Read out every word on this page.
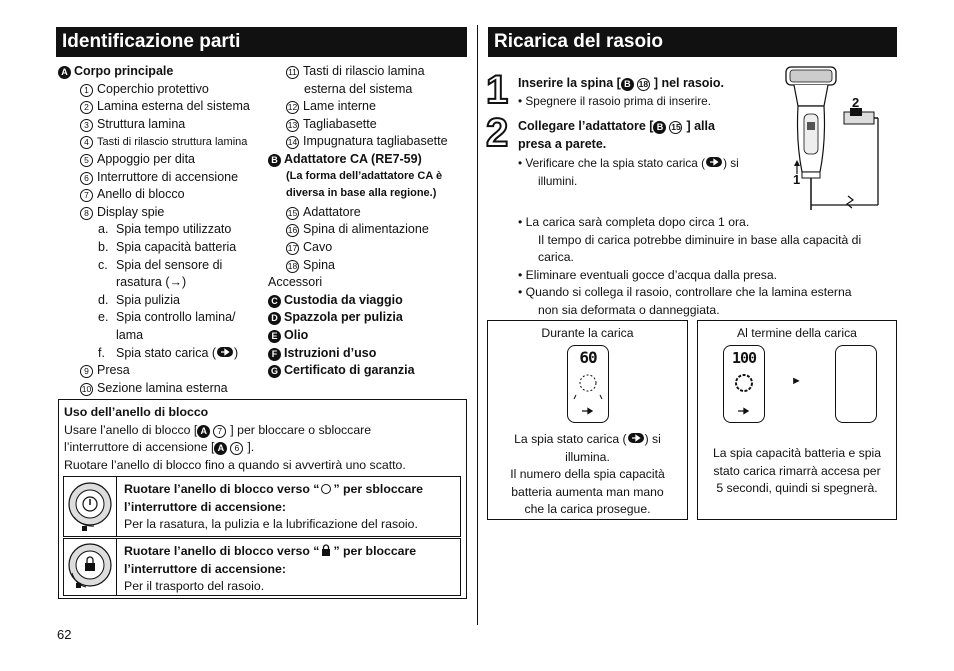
Identificazione parti
A Corpo principale
1 Coperchio protettivo
2 Lamina esterna del sistema
3 Struttura lamina
4 Tasti di rilascio struttura lamina
5 Appoggio per dita
6 Interruttore di accensione
7 Anello di blocco
8 Display spie
a. Spia tempo utilizzato
b. Spia capacità batteria
c. Spia del sensore di
rasatura (→)
d. Spia pulizia
e. Spia controllo lamina/
lama
f. Spia stato carica ( )
9 Presa
10 Sezione lamina esterna
11 Tasti di rilascio lamina
esterna del sistema
12 Lame interne
13 Tagliabasette
14 Impugnatura tagliabasette
B Adattatore CA (RE7-59)
(La forma dell’adattatore CA è
diversa in base alla regione.)
15 Adattatore
16 Spina di alimentazione
17 Cavo
18 Spina
Accessori
C Custodia da viaggio
D Spazzola per pulizia
E Olio
F Istruzioni d’uso
G Certificato di garanzia
Uso dell’anello di blocco
Usare l’anello di blocco [ A 7 ] per bloccare o sbloccare
l’interruttore di accensione [ A 6 ].
Ruotare l’anello di blocco fino a quando si avvertirà uno scatto.
Ruotare l’anello di blocco verso “ ” per sbloccare
l’interruttore di accensione:
Per la rasatura, la pulizia e la lubrificazione del rasoio.
Ruotare l’anello di blocco verso “ ” per bloccare
l’interruttore di accensione:
Per il trasporto del rasoio.
Ricarica del rasoio
1 Inserire la spina [ B 18 ] nel rasoio.
• Spegnere il rasoio prima di inserire.
2 Collegare l’adattatore [ B 15 ] alla
presa a parete.
• Verificare che la spia stato carica ( ) si
illumini.	1
2
• La carica sarà completa dopo circa 1 ora.
Il tempo di carica potrebbe diminuire in base alla capacità di
carica.
• Eliminare eventuali gocce d’acqua dalla presa.
• Quando si collega il rasoio, controllare che la lamina esterna
non sia deformata o danneggiata.
Durante la carica
60
La spia stato carica ( ) si
illumina.
Il numero della spia capacità
batteria aumenta man mano
che la carica prosegue.
Al termine della carica
100
►
La spia capacità batteria e spia
stato carica rimarrà accesa per
5 secondi, quindi si spegnerà.
62
